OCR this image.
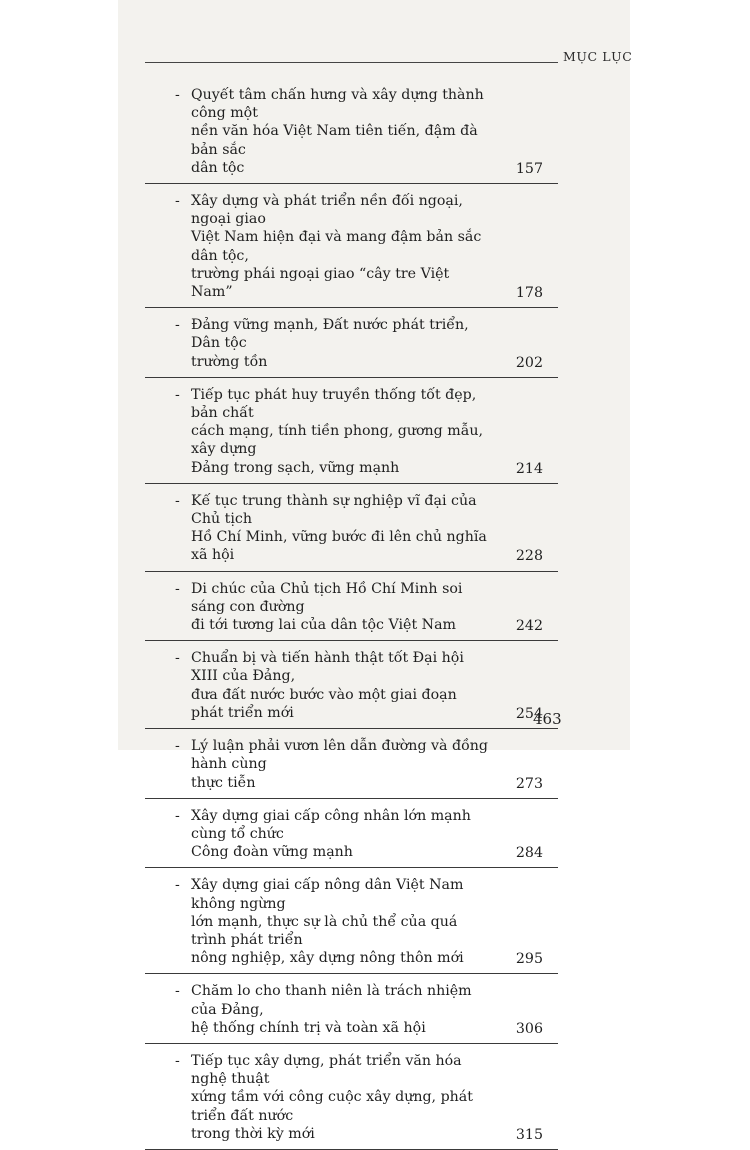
MỤC LỤC
- Quyết tâm chấn hưng và xây dựng thành công một
nền văn hóa Việt Nam tiên tiến, đậm đà bản sắc
dân tộc	157
- Xây dựng và phát triển nền đối ngoại, ngoại giao
Việt Nam hiện đại và mang đậm bản sắc dân tộc,
trường phái ngoại giao “cây tre Việt Nam”	178
- Đảng vững mạnh, Đất nước phát triển, Dân tộc
trường tồn	202
- Tiếp tục phát huy truyền thống tốt đẹp, bản chất
cách mạng, tính tiền phong, gương mẫu, xây dựng
Đảng trong sạch, vững mạnh	214
- Kế tục trung thành sự nghiệp vĩ đại của Chủ tịch
Hồ Chí Minh, vững bước đi lên chủ nghĩa xã hội	228
- Di chúc của Chủ tịch Hồ Chí Minh soi sáng con đường
đi tới tương lai của dân tộc Việt Nam	242
- Chuẩn bị và tiến hành thật tốt Đại hội XIII của Đảng,
đưa đất nước bước vào một giai đoạn phát triển mới	254
- Lý luận phải vươn lên dẫn đường và đồng hành cùng
thực tiễn	273
- Xây dựng giai cấp công nhân lớn mạnh cùng tổ chức
Công đoàn vững mạnh	284
- Xây dựng giai cấp nông dân Việt Nam không ngừng
lớn mạnh, thực sự là chủ thể của quá trình phát triển
nông nghiệp, xây dựng nông thôn mới	295
- Chăm lo cho thanh niên là trách nhiệm của Đảng,
hệ thống chính trị và toàn xã hội	306
- Tiếp tục xây dựng, phát triển văn hóa nghệ thuật
xứng tầm với công cuộc xây dựng, phát triển đất nước
trong thời kỳ mới	315
463
